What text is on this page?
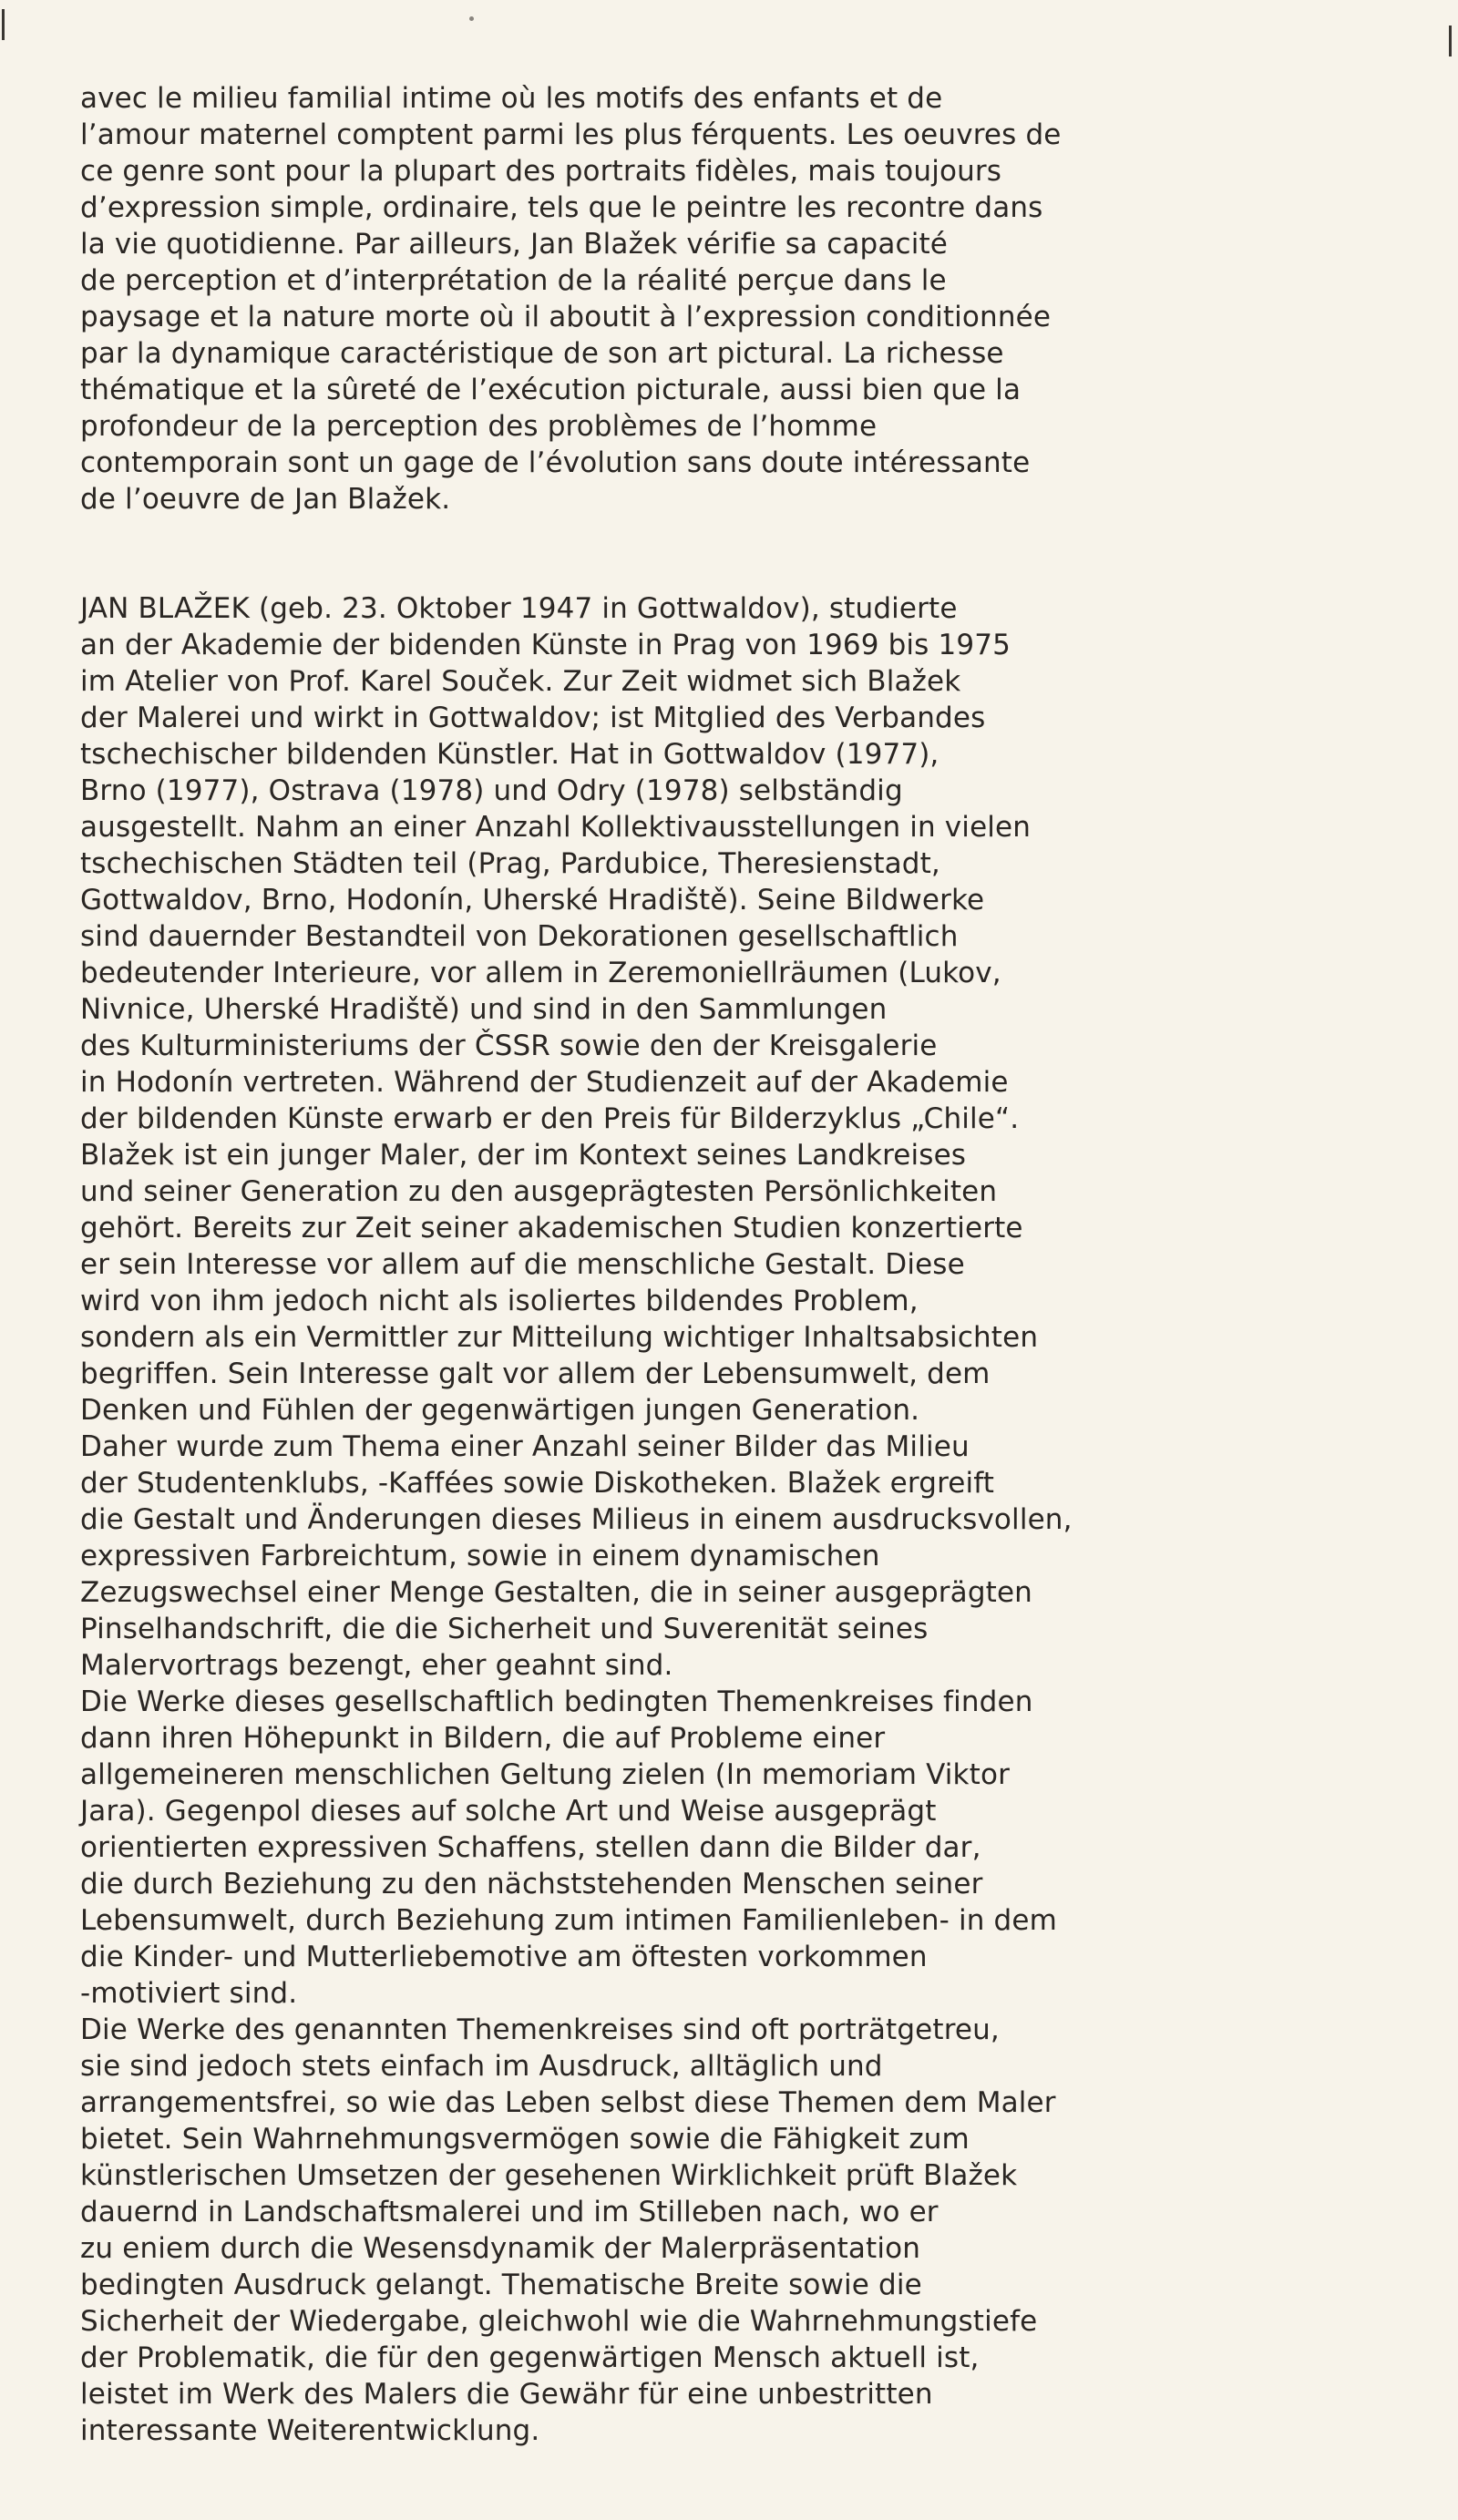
avec le milieu familial intime où les motifs des enfants et de
l’amour maternel comptent parmi les plus férquents. Les oeuvres de
ce genre sont pour la plupart des portraits fidèles, mais toujours
d’expression simple, ordinaire, tels que le peintre les recontre dans
la vie quotidienne. Par ailleurs, Jan Blažek vérifie sa capacité
de perception et d’interprétation de la réalité perçue dans le
paysage et la nature morte où il aboutit à l’expression conditionnée
par la dynamique caractéristique de son art pictural. La richesse
thématique et la sûreté de l’exécution picturale, aussi bien que la
profondeur de la perception des problèmes de l’homme
contemporain sont un gage de l’évolution sans doute intéressante
de l’oeuvre de Jan Blažek.
JAN BLAŽEK (geb. 23. Oktober 1947 in Gottwaldov), studierte
an der Akademie der bidenden Künste in Prag von 1969 bis 1975
im Atelier von Prof. Karel Souček. Zur Zeit widmet sich Blažek
der Malerei und wirkt in Gottwaldov; ist Mitglied des Verbandes
tschechischer bildenden Künstler. Hat in Gottwaldov (1977),
Brno (1977), Ostrava (1978) und Odry (1978) selbständig
ausgestellt. Nahm an einer Anzahl Kollektivausstellungen in vielen
tschechischen Städten teil (Prag, Pardubice, Theresienstadt,
Gottwaldov, Brno, Hodonín, Uherské Hradiště). Seine Bildwerke
sind dauernder Bestandteil von Dekorationen gesellschaftlich
bedeutender Interieure, vor allem in Zeremoniellräumen (Lukov,
Nivnice, Uherské Hradiště) und sind in den Sammlungen
des Kulturministeriums der ČSSR sowie den der Kreisgalerie
in Hodonín vertreten. Während der Studienzeit auf der Akademie
der bildenden Künste erwarb er den Preis für Bilderzyklus „Chile“.
Blažek ist ein junger Maler, der im Kontext seines Landkreises
und seiner Generation zu den ausgeprägtesten Persönlichkeiten
gehört. Bereits zur Zeit seiner akademischen Studien konzertierte
er sein Interesse vor allem auf die menschliche Gestalt. Diese
wird von ihm jedoch nicht als isoliertes bildendes Problem,
sondern als ein Vermittler zur Mitteilung wichtiger Inhaltsabsichten
begriffen. Sein Interesse galt vor allem der Lebensumwelt, dem
Denken und Fühlen der gegenwärtigen jungen Generation.
Daher wurde zum Thema einer Anzahl seiner Bilder das Milieu
der Studentenklubs, -Kaffées sowie Diskotheken. Blažek ergreift
die Gestalt und Änderungen dieses Milieus in einem ausdrucksvollen,
expressiven Farbreichtum, sowie in einem dynamischen
Zezugswechsel einer Menge Gestalten, die in seiner ausgeprägten
Pinselhandschrift, die die Sicherheit und Suverenität seines
Malervortrags bezengt, eher geahnt sind.
Die Werke dieses gesellschaftlich bedingten Themenkreises finden
dann ihren Höhepunkt in Bildern, die auf Probleme einer
allgemeineren menschlichen Geltung zielen (In memoriam Viktor
Jara). Gegenpol dieses auf solche Art und Weise ausgeprägt
orientierten expressiven Schaffens, stellen dann die Bilder dar,
die durch Beziehung zu den nächststehenden Menschen seiner
Lebensumwelt, durch Beziehung zum intimen Familienleben- in dem
die Kinder- und Mutterliebemotive am öftesten vorkommen
-motiviert sind.
Die Werke des genannten Themenkreises sind oft porträtgetreu,
sie sind jedoch stets einfach im Ausdruck, alltäglich und
arrangementsfrei, so wie das Leben selbst diese Themen dem Maler
bietet. Sein Wahrnehmungsvermögen sowie die Fähigkeit zum
künstlerischen Umsetzen der gesehenen Wirklichkeit prüft Blažek
dauernd in Landschaftsmalerei und im Stilleben nach, wo er
zu eniem durch die Wesensdynamik der Malerpräsentation
bedingten Ausdruck gelangt. Thematische Breite sowie die
Sicherheit der Wiedergabe, gleichwohl wie die Wahrnehmungstiefe
der Problematik, die für den gegenwärtigen Mensch aktuell ist,
leistet im Werk des Malers die Gewähr für eine unbestritten
interessante Weiterentwicklung.
